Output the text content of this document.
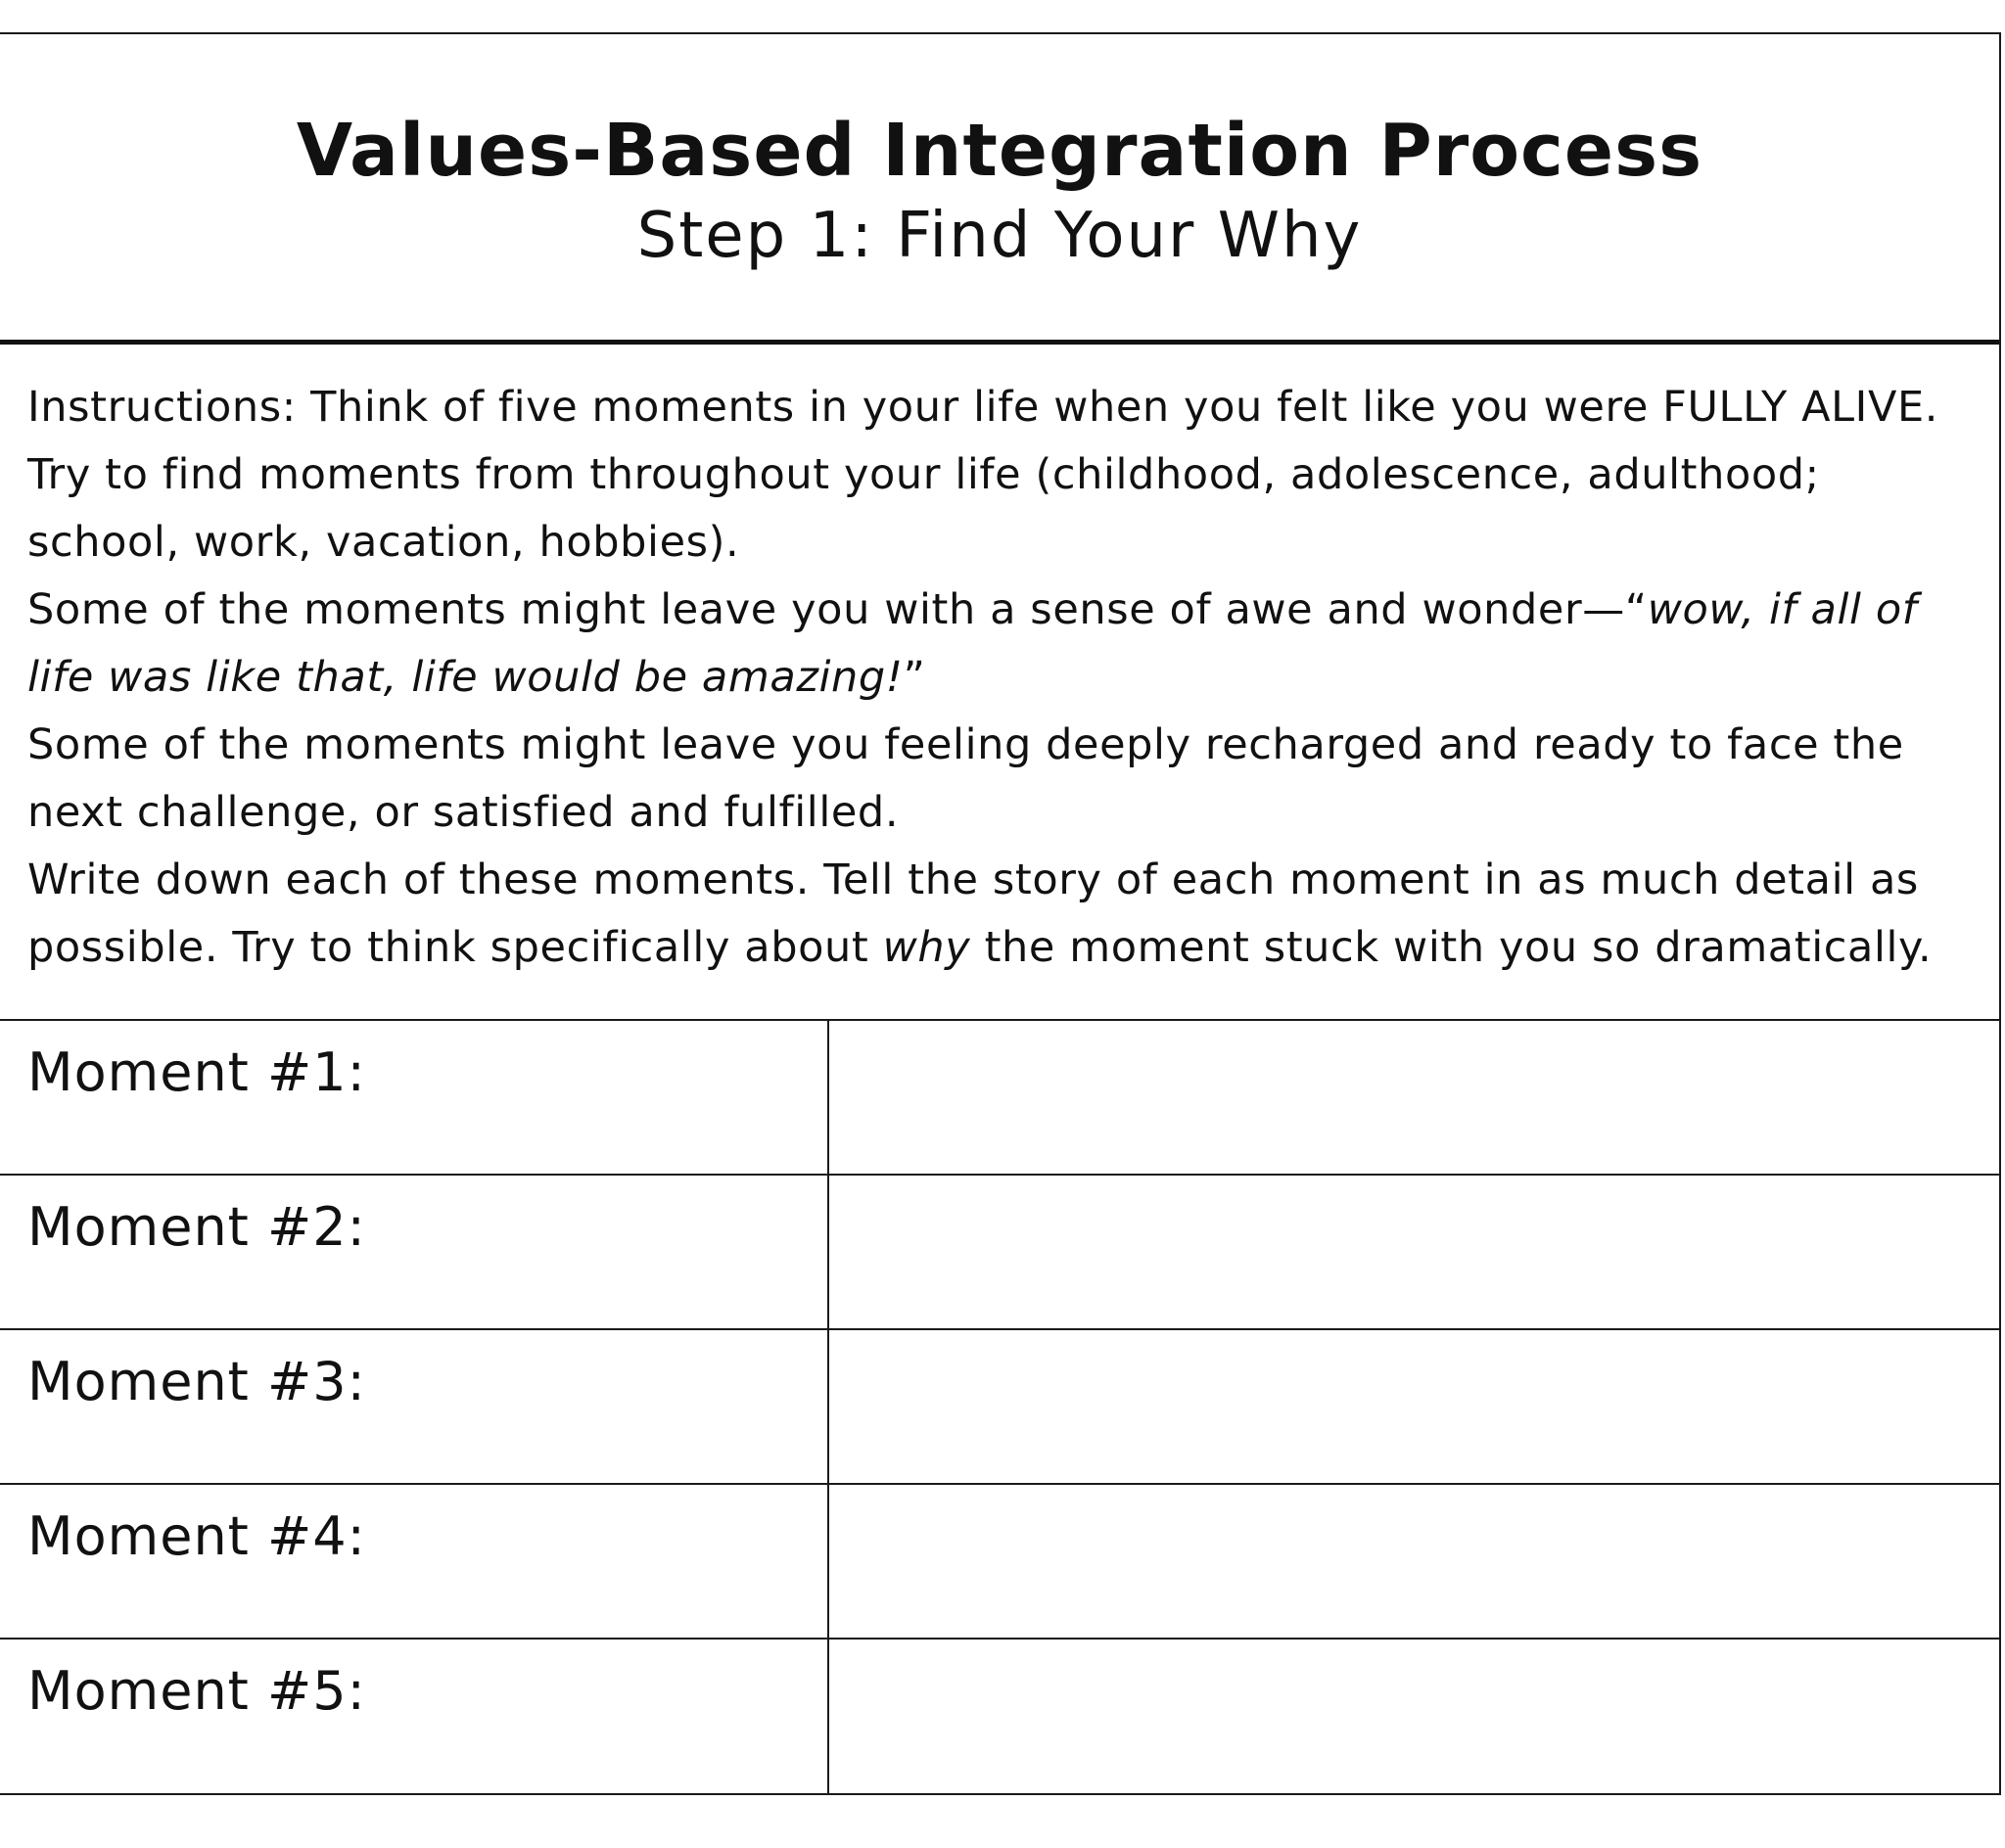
Values-Based Integration Process
Step 1: Find Your Why

Instructions: Think of five moments in your life when you felt like you were FULLY ALIVE.

Try to find moments from throughout your life (childhood, adolescence, adulthood;

school, work, vacation, hobbies).

Some of the moments might leave you with a sense of awe and wonder—“wow, if all of

life was like that, life would be amazing!”

Some of the moments might leave you feeling deeply recharged and ready to face the

next challenge, or satisfied and fulfilled.

Write down each of these moments. Tell the story of each moment in as much detail as

possible. Try to think specifically about why the moment stuck with you so dramatically.

Moment #1:
Moment #2:
Moment #3:
Moment #4:
Moment #5:
